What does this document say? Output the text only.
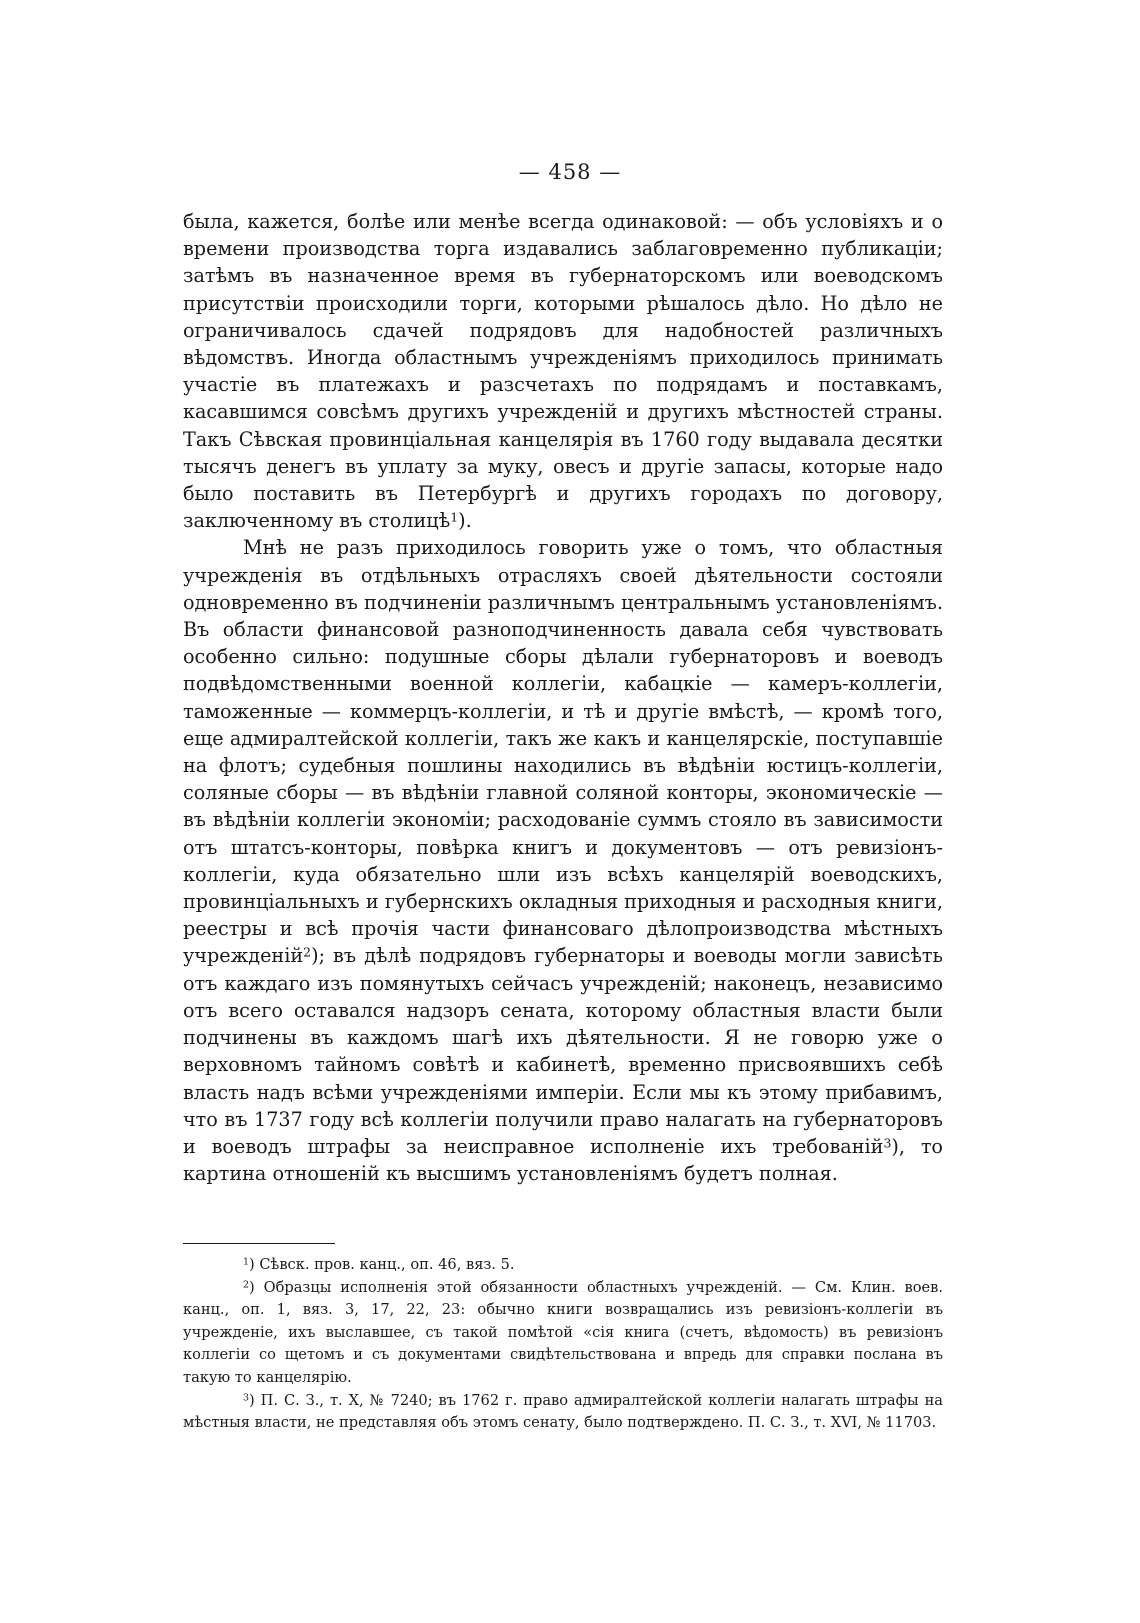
— 458 —

была, кажется, болѣе или менѣе всегда одинаковой: — объ условіяхъ и о времени производства торга издавались заблаговременно публикаціи; затѣмъ въ назначенное время въ губернаторскомъ или воеводскомъ присутствіи происходили торги, которыми рѣшалось дѣло. Но дѣло не ограничивалось сдачей подрядовъ для надобностей различныхъ вѣдомствъ. Иногда областнымъ учрежденіямъ приходилось принимать участіе въ платежахъ и разсчетахъ по подрядамъ и поставкамъ, касавшимся совсѣмъ другихъ учрежденій и другихъ мѣстностей страны. Такъ Сѣвская провинціальная канцелярія въ 1760 году выдавала десятки тысячъ денегъ въ уплату за муку, овесъ и другіе запасы, которые надо было поставить въ Петербургѣ и другихъ городахъ по договору, заключенному въ столицѣ$^1$).

Мнѣ не разъ приходилось говорить уже о томъ, что областныя учрежденія въ отдѣльныхъ отрасляхъ своей дѣятельности состояли одновременно въ подчиненіи различнымъ центральнымъ установленіямъ. Въ области финансовой разноподчиненность давала себя чувствовать особенно сильно: подушные сборы дѣлали губернаторовъ и воеводъ подвѣдомственными военной коллегіи, кабацкіе — камеръ-коллегіи, таможенные — коммерцъ-коллегіи, и тѣ и другіе вмѣстѣ, — кромѣ того, еще адмиралтейской коллегіи, такъ же какъ и канцелярскіе, поступавшіе на флотъ; судебныя пошлины находились въ вѣдѣніи юстицъ-коллегіи, соляные сборы — въ вѣдѣніи главной соляной конторы, экономическіе — въ вѣдѣніи коллегіи экономіи; расходованіе суммъ стояло въ зависимости отъ штатсъ-конторы, повѣрка книгъ и документовъ — отъ ревизіонъ-коллегіи, куда обязательно шли изъ всѣхъ канцелярій воеводскихъ, провинціальныхъ и губернскихъ окладныя приходныя и расходныя книги, реестры и всѣ прочія части финансоваго дѣлопроизводства мѣстныхъ учрежденій$^2$); въ дѣлѣ подрядовъ губернаторы и воеводы могли зависѣть отъ каждаго изъ помянутыхъ сейчасъ учрежденій; наконецъ, независимо отъ всего оставался надзоръ сената, которому областныя власти были подчинены въ каждомъ шагѣ ихъ дѣятельности. Я не говорю уже о верховномъ тайномъ совѣтѣ и кабинетѣ, временно присвоявшихъ себѣ власть надъ всѣми учрежденіями имперіи. Если мы къ этому прибавимъ, что въ 1737 году всѣ коллегіи получили право налагать на губернаторовъ и воеводъ штрафы за неисправное исполненіе ихъ требованій$^3$), то картина отношеній къ высшимъ установленіямъ будетъ полная.

$^1$) Сѣвск. пров. канц., оп. 46, вяз. 5.

$^2$) Образцы исполненія этой обязанности областныхъ учрежденій. — См. Клин. воев. канц., оп. 1, вяз. 3, 17, 22, 23: обычно книги возвращались изъ ревизіонъ-коллегіи въ учрежденіе, ихъ выславшее, съ такой помѣтой «сія книга (счетъ, вѣдомость) въ ревизіонъ коллегіи со щетомъ и съ документами свидѣтельствована и впредь для справки послана въ такую то канцелярію.

$^3$) П. С. З., т. X, № 7240; въ 1762 г. право адмиралтейской коллегіи налагать штрафы на мѣстныя власти, не представляя объ этомъ сенату, было подтверждено. П. С. З., т. XVI, № 11703.
